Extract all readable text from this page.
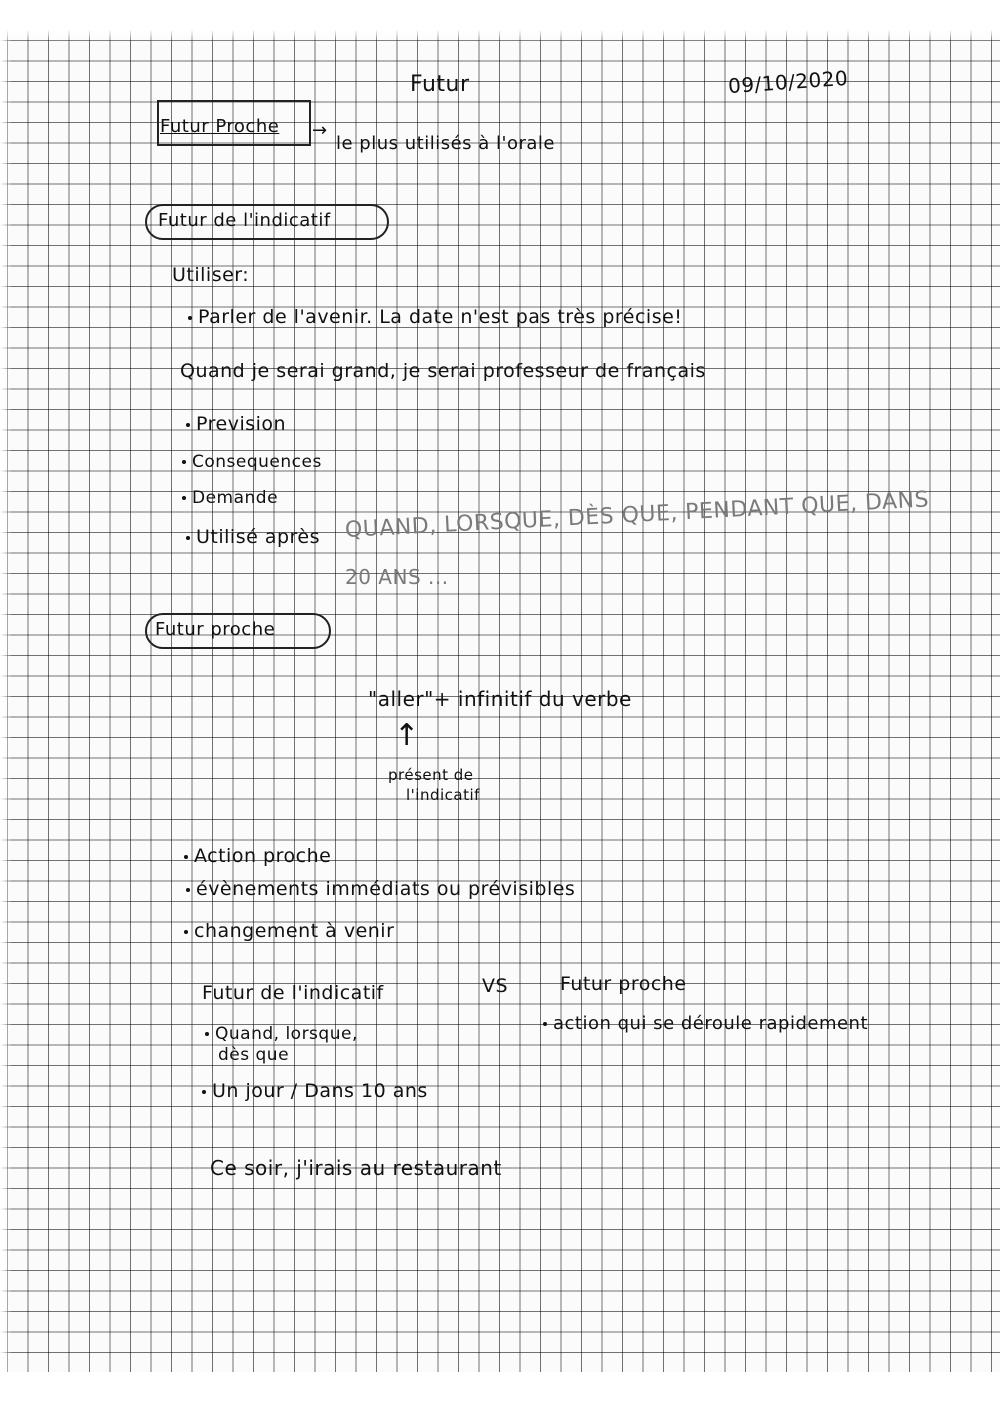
Futur	09/10/2020
Futur Proche →
le plus utilisés à l'orale
Futur de l'indicatif
Utiliser:
Parler de l'avenir. La date n'est pas très précise!
Quand je serai grand, je serai professeur de français
Prevision
Consequences
Demande
Utilisé après QUAND, LORSQUE, DÈS QUE, PENDANT QUE, DANS
20 ANS ...
Futur proche
"aller"+ infinitif du verbe
↑
présent de
l'indicatif
Action proche
évènements immédiats ou prévisibles
changement à venir
Futur de l'indicatif	VS	Futur proche
Quand, lorsque,
dès que
Un jour / Dans 10 ans
action qui se déroule rapidement
Ce soir, j'irais au restaurant
